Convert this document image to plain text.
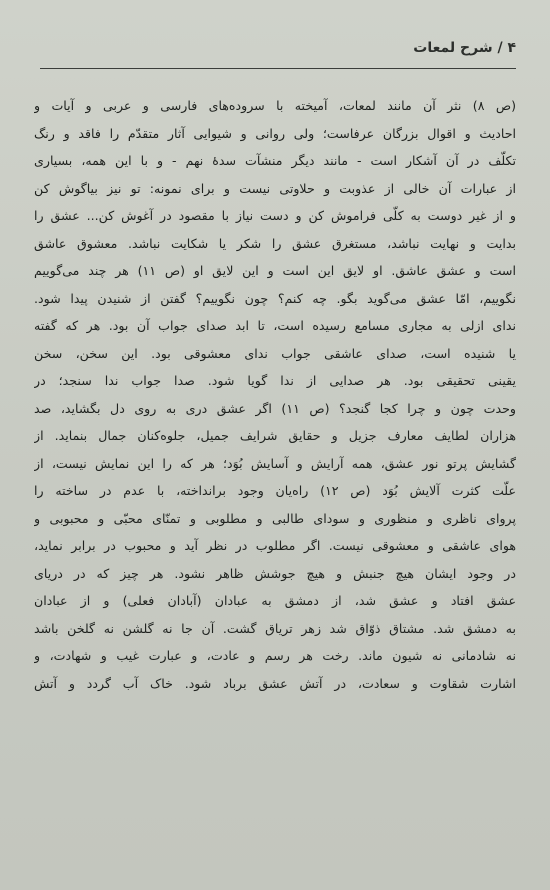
۴ / شرح لمعات
(ص ۸) نثر آن مانند لمعات، آمیخته با سروده‌های فارسی و عربی و آیات و
احادیث و اقوال بزرگان عرفاست؛ ولی روانی و شیوایی آثار متقدّم را فاقد و رنگ
تکلّف در آن آشکار است - مانند دیگر منشآت سدهٔ نهم - و با این همه، بسیاری
از عبارات آن خالی از عذوبت و حلاوتی نیست و برای نمونه: تو نیز بیاگوش کن
و از غیر دوست به کلّی فراموش کن و دست نیاز با مقصود در آغوش کن... عشق را
بدایت و نهایت نباشد، مستغرق عشق را شکر یا شکایت نباشد. معشوق عاشق
است و عشق عاشق. او لایق این است و این لایق او (ص ۱۱) هر چند می‌گوییم
نگوییم، امّا عشق می‌گوید بگو. چه کنم؟ چون نگوییم؟ گفتن از شنیدن پیدا شود.
ندای ازلی به مجاری مسامع رسیده است، تا ابد صدای جواب آن بود. هر که گفته
یا شنیده است، صدای عاشقی جواب ندای معشوقی بود. این سخن، سخن
یقینی تحقیقی بود. هر صدایی از ندا گویا شود. صدا جواب ندا سنجد؛ در
وحدت چون و چرا کجا گنجد؟ (ص ۱۱) اگر عشق دری به روی دل بگشاید، صد
هزاران لطایف معارف جزیل و حقایق شرایف جمیل، جلوه‌کنان جمال بنماید. از
گشایش پرتو نور عشق، همه آرایش و آسایش بُوَد؛ هر که را این نمایش نیست، از
علّت کثرت آلایش بُوَد (ص ۱۲) راه‌یان وجود برانداخته، با عدم در ساخته را
پروای ناظری و منظوری و سودای طالبی و مطلوبی و تمنّای محبّی و محبوبی و
هوای عاشقی و معشوقی نیست. اگر مطلوب در نظر آید و محبوب در برابر نماید،
در وجود ایشان هیچ جنبش و هیچ جوشش ظاهر نشود. هر چیز که در دریای
عشق افتاد و عشق شد، از دمشق به عبادان (آبادان فعلی) و از عبادان
به دمشق شد. مشتاق ذوّاق شد زهر تریاق گشت. آن جا نه گلشن نه گلخن باشد
نه شادمانی نه شیون ماند. رخت هر رسم و عادت، و عبارت غیب و شهادت، و
اشارت شقاوت و سعادت، در آتش عشق برباد شود. خاک آب گردد و آتش
